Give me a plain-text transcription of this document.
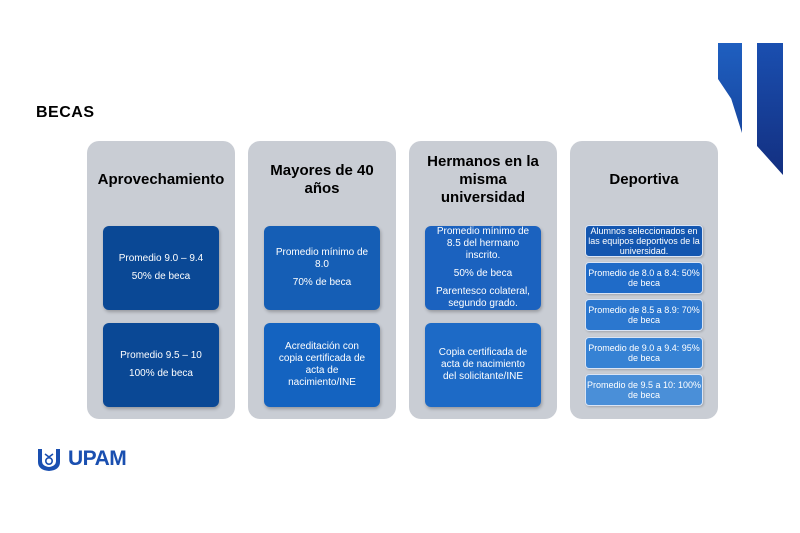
BECAS
Aprovechamiento
Promedio 9.0 – 9.4
50% de beca
Promedio 9.5 – 10
100% de beca
Mayores de 40 años
Promedio mínimo de 8.0
70% de beca
Acreditación con copia certificada de acta de nacimiento/INE
Hermanos en la misma universidad
Promedio mínimo de 8.5 del hermano inscrito.
50% de beca
Parentesco colateral, segundo grado.
Copia certificada de acta de nacimiento del solicitante/INE
Deportiva
Alumnos seleccionados en las equipos deportivos de la universidad.
Promedio de 8.0 a 8.4: 50% de beca
Promedio de 8.5 a 8.9: 70% de beca
Promedio de 9.0 a 9.4: 95% de beca
Promedio de 9.5 a 10: 100% de beca
UPAM
